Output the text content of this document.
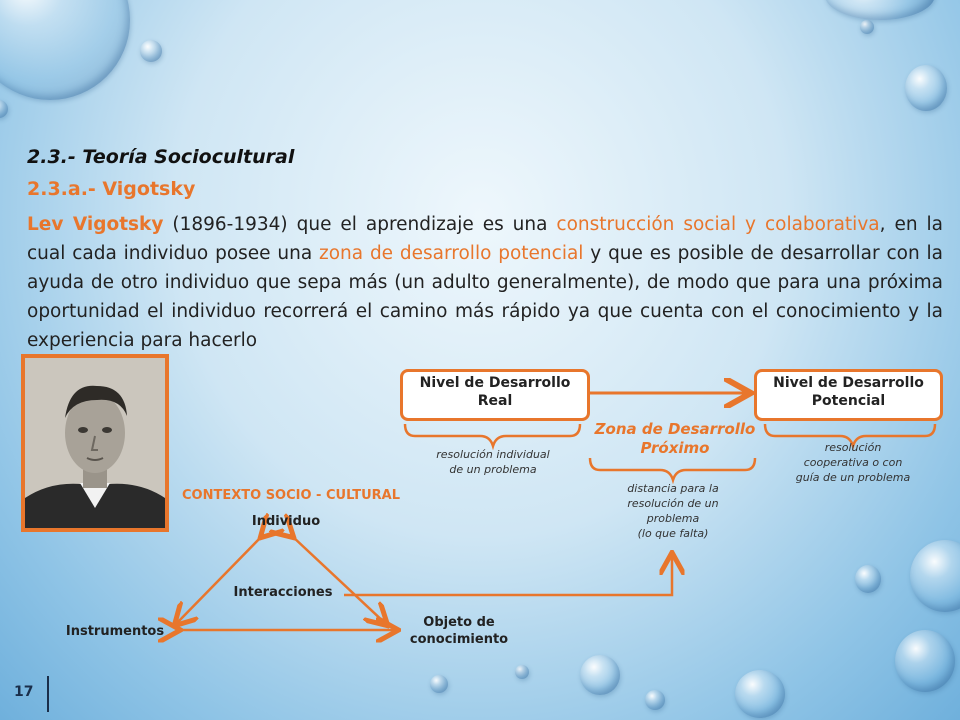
2.3.- Teoría Sociocultural
2.3.a.- Vigotsky
Lev Vigotsky (1896-1934) que el aprendizaje es una construcción social y colaborativa, en la cual cada individuo posee una zona de desarrollo potencial y que es posible de desarrollar con la ayuda de otro individuo que sepa más (un adulto generalmente), de modo que para una próxima oportunidad el individuo recorrerá el camino más rápido ya que cuenta con el conocimiento y la experiencia para hacerlo
Nivel de Desarrollo
Real
Nivel de Desarrollo
Potencial
Zona de Desarrollo
Próximo
resolución individual
de un problema
resolución
cooperativa o con
guía de un problema
distancia para la
resolución de un
problema
(lo que falta)
CONTEXTO SOCIO - CULTURAL
Individuo
Interacciones
Instrumentos
Objeto de
conocimiento
17
